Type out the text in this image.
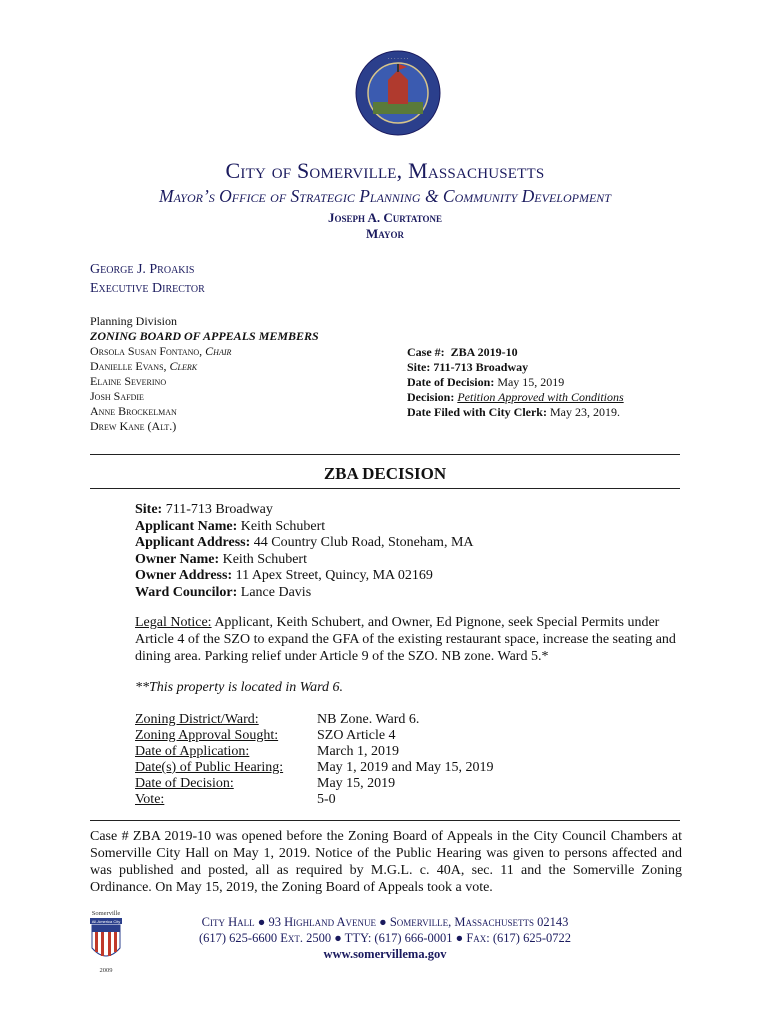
· · · · · · ·
City of Somerville, Massachusetts
Mayor’s Office of Strategic Planning & Community Development
Joseph A. Curtatone
Mayor
George J. Proakis
Executive Director
Planning Division
ZONING BOARD OF APPEALS MEMBERS
Orsola Susan Fontano, Chair
Danielle Evans, Clerk
Elaine Severino
Josh Safdie
Anne Brockelman
Drew Kane (Alt.)
Case #: ZBA 2019-10
Site: 711-713 Broadway
Date of Decision: May 15, 2019
Decision: Petition Approved with Conditions
Date Filed with City Clerk: May 23, 2019.
ZBA DECISION
Site: 711-713 Broadway
Applicant Name: Keith Schubert
Applicant Address: 44 Country Club Road, Stoneham, MA
Owner Name: Keith Schubert
Owner Address: 11 Apex Street, Quincy, MA 02169
Ward Councilor: Lance Davis
Legal Notice: Applicant, Keith Schubert, and Owner, Ed Pignone, seek Special Permits under Article 4 of the SZO to expand the GFA of the existing restaurant space, increase the seating and dining area. Parking relief under Article 9 of the SZO. NB zone. Ward 5.*
**This property is located in Ward 6.
Zoning District/Ward:	NB Zone. Ward 6.
Zoning Approval Sought:	SZO Article 4
Date of Application:	March 1, 2019
Date(s) of Public Hearing:	May 1, 2019 and May 15, 2019
Date of Decision:	May 15, 2019
Vote:	5-0
Case # ZBA 2019-10 was opened before the Zoning Board of Appeals in the City Council Chambers at Somerville City Hall on May 1, 2019. Notice of the Public Hearing was given to persons affected and was published and posted, all as required by M.G.L. c. 40A, sec. 11 and the Somerville Zoning Ordinance. On May 15, 2019, the Zoning Board of Appeals took a vote.
Somerville
All-America City
2009
City Hall ● 93 Highland Avenue ● Somerville, Massachusetts 02143
(617) 625-6600 Ext. 2500 ● TTY: (617) 666-0001 ● Fax: (617) 625-0722
www.somervillema.gov
